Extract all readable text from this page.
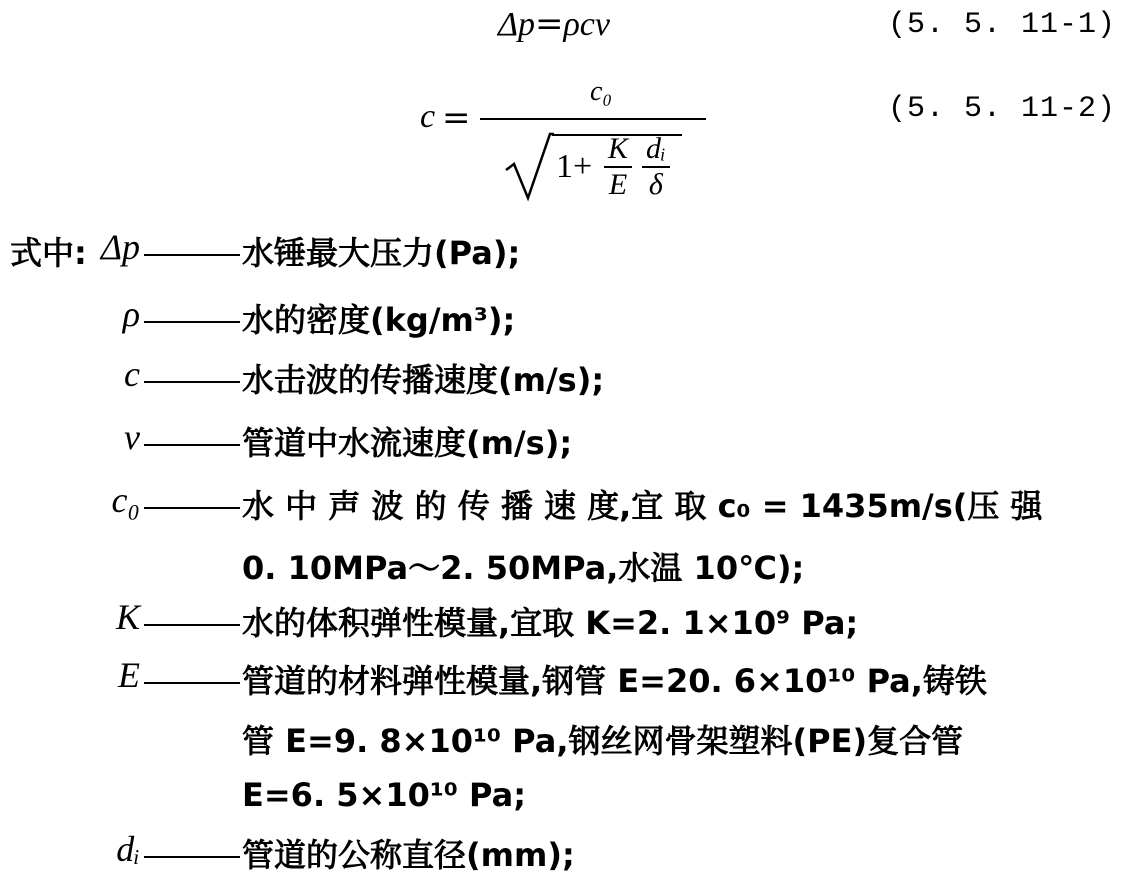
Δp=ρcv	(5. 5. 11-1)
c =
c₀
$1+ \frac{K}{E} \frac{\text{dᵢ}}{\delta}$
(5. 5. 11-2)
式中: Δp	水锤最大压力(Pa);
ρ	水的密度(kg/m³);
c	水击波的传播速度(m/s);
v	管道中水流速度(m/s);
c₀	水 中 声 波 的 传 播 速 度,宜 取 c₀ = 1435m/s(压 强
0. 10MPa～2. 50MPa,水温 10℃);
K	水的体积弹性模量,宜取 K=2. 1×10⁹ Pa;
E	管道的材料弹性模量,钢管 E=20. 6×10¹⁰ Pa,铸铁
管 E=9. 8×10¹⁰ Pa,钢丝网骨架塑料(PE)复合管
E=6. 5×10¹⁰ Pa;
dᵢ	管道的公称直径(mm);
